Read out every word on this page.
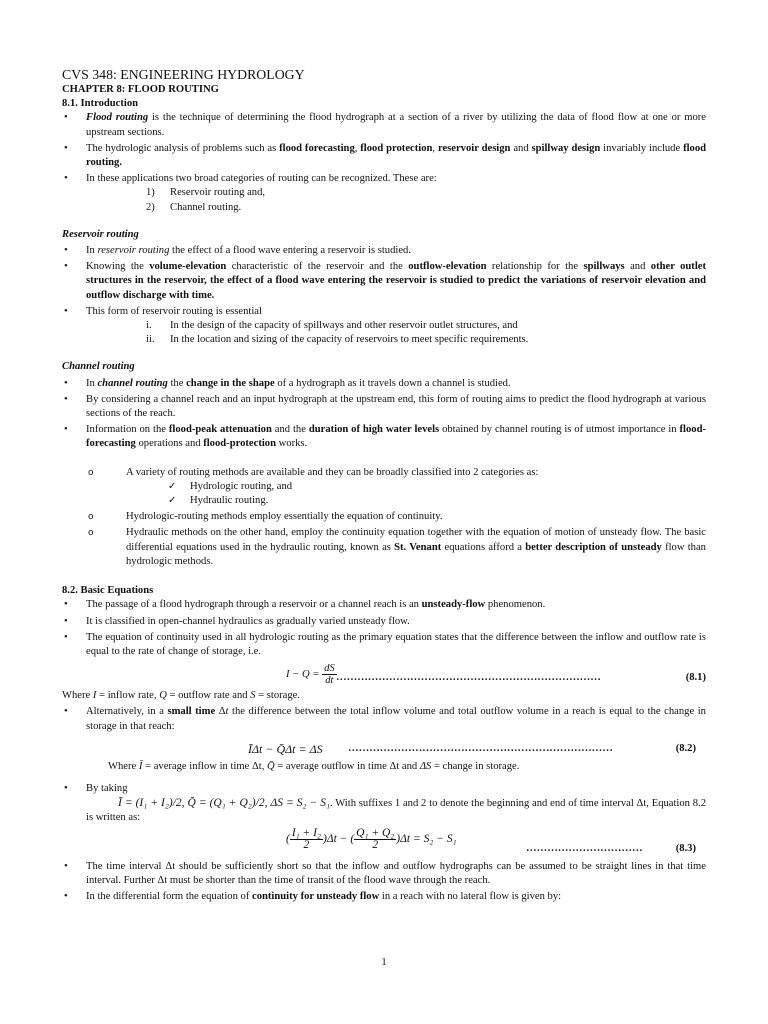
CVS 348: ENGINEERING HYDROLOGY

CHAPTER 8: FLOOD ROUTING

8.1. Introduction

• Flood routing is the technique of determining the flood hydrograph at a section of a river by utilizing the data of flood flow at one or more upstream sections.
• The hydrologic analysis of problems such as flood forecasting, flood protection, reservoir design and spillway design invariably include flood routing.
• In these applications two broad categories of routing can be recognized. These are:
1) Reservoir routing and,
2) Channel routing.

Reservoir routing

• In reservoir routing the effect of a flood wave entering a reservoir is studied.
• Knowing the volume-elevation characteristic of the reservoir and the outflow-elevation relationship for the spillways and other outlet structures in the reservoir, the effect of a flood wave entering the reservoir is studied to predict the variations of reservoir elevation and outflow discharge with time.
• This form of reservoir routing is essential
i. In the design of the capacity of spillways and other reservoir outlet structures, and
ii. In the location and sizing of the capacity of reservoirs to meet specific requirements.

Channel routing

• In channel routing the change in the shape of a hydrograph as it travels down a channel is studied.
• By considering a channel reach and an input hydrograph at the upstream end, this form of routing aims to predict the flood hydrograph at various sections of the reach.
• Information on the flood-peak attenuation and the duration of high water levels obtained by channel routing is of utmost importance in flood-forecasting operations and flood-protection works.
o A variety of routing methods are available and they can be broadly classified into 2 categories as:
✓ Hydrologic routing, and
✓ Hydraulic routing.
o Hydrologic-routing methods employ essentially the equation of continuity.
o Hydraulic methods on the other hand, employ the continuity equation together with the equation of motion of unsteady flow. The basic differential equations used in the hydraulic routing, known as St. Venant equations afford a better description of unsteady flow than hydrologic methods.

8.2. Basic Equations

• The passage of a flood hydrograph through a reservoir or a channel reach is an unsteady-flow phenomenon.
• It is classified in open-channel hydraulics as gradually varied unsteady flow.
• The equation of continuity used in all hydrologic routing as the primary equation states that the difference between the inflow and outflow rate is equal to the rate of change of storage, i.e.
$I - Q = \frac{dS}{dt}$ …………………………………………………………………	(8.1)

Where I = inflow rate, Q = outflow rate and S = storage.

• Alternatively, in a small time Δt the difference between the total inflow volume and total outflow volume in a reach is equal to the change in storage in that reach:
ĪΔt − Q̄Δt = ΔS …………………………………………………………………	(8.2)
Where Ī = average inflow in time Δt, Q̄ = average outflow in time Δt and ΔS = change in storage.
• By taking
Ī = (I₁ + I₂)/2, Q̄ = (Q₁ + Q₂)/2, ΔS = S₂ − S₁. With suffixes 1 and 2 to denote the beginning and end of time interval Δt, Equation 8.2 is written as:
( $\frac{\text{I₁ + I₂}}{2} )\Delta t$ − ( $\frac{\text{Q₁ + Q₂}}{2} )\Delta t = S_2 - S_1$
……………………………	(8.3)
• The time interval Δt should be sufficiently short so that the inflow and outflow hydrographs can be assumed to be straight lines in that time interval. Further Δt must be shorter than the time of transit of the flood wave through the reach.
• In the differential form the equation of continuity for unsteady flow in a reach with no lateral flow is given by:
1
